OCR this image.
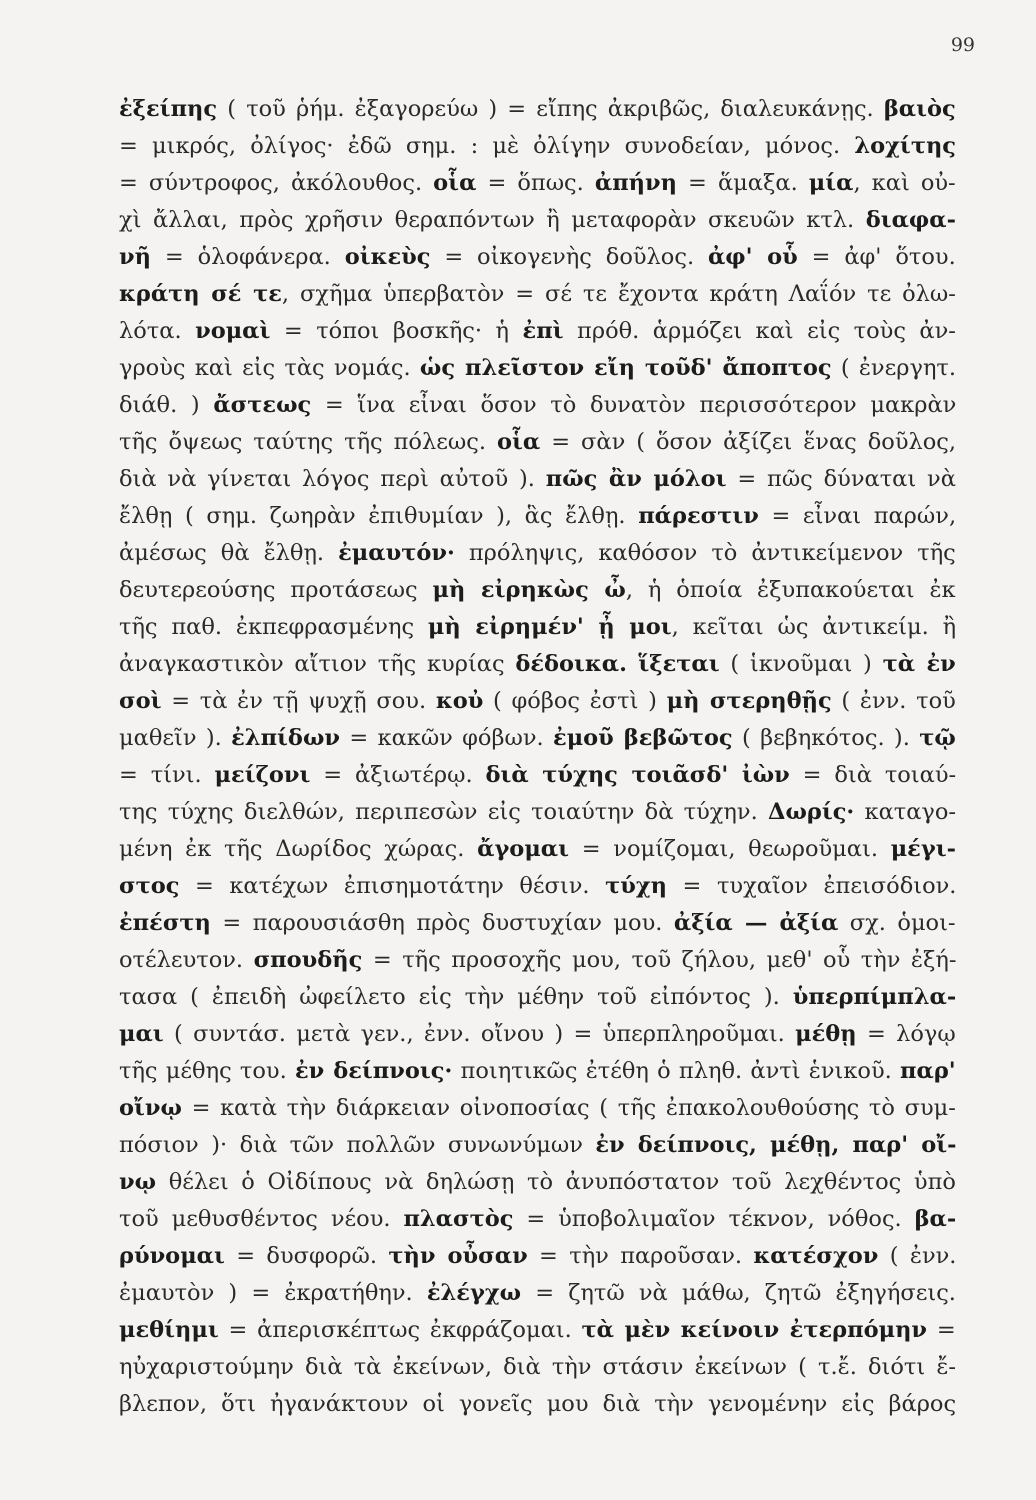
99
ἐξείπης ( τοῦ ῥήμ. ἐξαγορεύω ) = εἴπης ἀκριβῶς, διαλευκάνῃς. βαιὸς
= μικρός, ὀλίγος· ἐδῶ σημ. : μὲ ὀλίγην συνοδείαν, μόνος. λοχίτης
= σύντροφος, ἀκόλουθος. οἷα = ὅπως. ἀπήνη = ἅμαξα. μία, καὶ οὐ-
χὶ ἄλλαι, πρὸς χρῆσιν θεραπόντων ἢ μεταφορὰν σκευῶν κτλ. διαφα-
νῆ = ὁλοφάνερα. οἰκεὺς = οἰκογενὴς δοῦλος. ἀφ' οὗ = ἀφ' ὅτου.
κράτη σέ τε, σχῆμα ὑπερβατὸν = σέ τε ἔχοντα κράτη Λαΐόν τε ὀλω-
λότα. νομαὶ = τόποι βοσκῆς· ἡ ἐπὶ πρόθ. ἁρμόζει καὶ εἰς τοὺς ἀν-
γροὺς καὶ εἰς τὰς νομάς. ὡς πλεῖστον εἴη τοῦδ' ἄποπτος ( ἐνεργητ.
διάθ. ) ἄστεως = ἵνα εἶναι ὅσον τὸ δυνατὸν περισσότερον μακρὰν
τῆς ὄψεως ταύτης τῆς πόλεως. οἷα = σὰν ( ὅσον ἀξίζει ἕνας δοῦλος,
διὰ νὰ γίνεται λόγος περὶ αὐτοῦ ). πῶς ἂν μόλοι = πῶς δύναται νὰ
ἔλθῃ ( σημ. ζωηρὰν ἐπιθυμίαν ), ἃς ἔλθῃ. πάρεστιν = εἶναι παρών,
ἀμέσως θὰ ἔλθῃ. ἐμαυτόν· πρόληψις, καθόσον τὸ ἀντικείμενον τῆς
δευτερεούσης προτάσεως μὴ εἰρηκὼς ὦ, ἡ ὁποία ἐξυπακούεται ἐκ
τῆς παθ. ἐκπεφρασμένης μὴ εἰρημέν' ᾖ μοι, κεῖται ὡς ἀντικείμ. ἢ
ἀναγκαστικὸν αἴτιον τῆς κυρίας δέδοικα. ἵξεται ( ἱκνοῦμαι ) τὰ ἐν
σοὶ = τὰ ἐν τῇ ψυχῇ σου. κοὐ ( φόβος ἐστὶ ) μὴ στερηθῇς ( ἐνν. τοῦ
μαθεῖν ). ἐλπίδων = κακῶν φόβων. ἐμοῦ βεβῶτος ( βεβηκότος. ). τῷ
= τίνι. μείζονι = ἀξιωτέρῳ. διὰ τύχης τοιᾶσδ' ἰὼν = διὰ τοιαύ-
της τύχης διελθών, περιπεσὼν εἰς τοιαύτην δὰ τύχην. Δωρίς· καταγο-
μένη ἐκ τῆς Δωρίδος χώρας. ἄγομαι = νομίζομαι, θεωροῦμαι. μέγι-
στος = κατέχων ἐπισημοτάτην θέσιν. τύχη = τυχαῖον ἐπεισόδιον.
ἐπέστη = παρουσιάσθη πρὸς δυστυχίαν μου. ἀξία — ἀξία σχ. ὁμοι-
οτέλευτον. σπουδῆς = τῆς προσοχῆς μου, τοῦ ζήλου, μεθ' οὗ τὴν ἐξή-
τασα ( ἐπειδὴ ὠφείλετο εἰς τὴν μέθην τοῦ εἰπόντος ). ὑπερπίμπλα-
μαι ( συντάσ. μετὰ γεν., ἐνν. οἴνου ) = ὑπερπληροῦμαι. μέθῃ = λόγῳ
τῆς μέθης του. ἐν δείπνοις· ποιητικῶς ἐτέθη ὁ πληθ. ἀντὶ ἑνικοῦ. παρ'
οἴνῳ = κατὰ τὴν διάρκειαν οἰνοποσίας ( τῆς ἐπακολουθούσης τὸ συμ-
πόσιον )· διὰ τῶν πολλῶν συνωνύμων ἐν δείπνοις, μέθῃ, παρ' οἴ-
νῳ θέλει ὁ Οἰδίπους νὰ δηλώσῃ τὸ ἀνυπόστατον τοῦ λεχθέντος ὑπὸ
τοῦ μεθυσθέντος νέου. πλαστὸς = ὑποβολιμαῖον τέκνον, νόθος. βα-
ρύνομαι = δυσφορῶ. τὴν οὖσαν = τὴν παροῦσαν. κατέσχον ( ἐνν.
ἐμαυτὸν ) = ἐκρατήθην. ἐλέγχω = ζητῶ νὰ μάθω, ζητῶ ἐξηγήσεις.
μεθίημι = ἀπερισκέπτως ἐκφράζομαι. τὰ μὲν κείνοιν ἐτερπόμην =
ηὐχαριστούμην διὰ τὰ ἐκείνων, διὰ τὴν στάσιν ἐκείνων ( τ.ἔ. διότι ἔ-
βλεπον, ὅτι ἠγανάκτουν οἱ γονεῖς μου διὰ τὴν γενομένην εἰς βάρος
